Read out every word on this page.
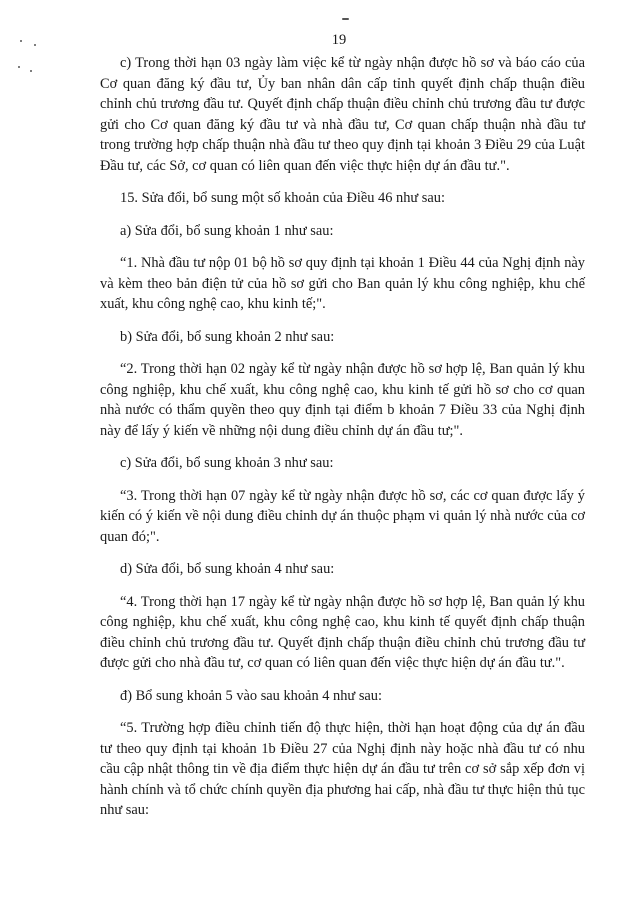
19

c) Trong thời hạn 03 ngày làm việc kể từ ngày nhận được hồ sơ và báo cáo của Cơ quan đăng ký đầu tư, Ủy ban nhân dân cấp tỉnh quyết định chấp thuận điều chỉnh chủ trương đầu tư. Quyết định chấp thuận điều chỉnh chủ trương đầu tư được gửi cho Cơ quan đăng ký đầu tư và nhà đầu tư, Cơ quan chấp thuận nhà đầu tư trong trường hợp chấp thuận nhà đầu tư theo quy định tại khoản 3 Điều 29 của Luật Đầu tư, các Sở, cơ quan có liên quan đến việc thực hiện dự án đầu tư.".

15. Sửa đổi, bổ sung một số khoản của Điều 46 như sau:

a) Sửa đổi, bổ sung khoản 1 như sau:

“1. Nhà đầu tư nộp 01 bộ hồ sơ quy định tại khoản 1 Điều 44 của Nghị định này và kèm theo bản điện tử của hồ sơ gửi cho Ban quản lý khu công nghiệp, khu chế xuất, khu công nghệ cao, khu kinh tế;".

b) Sửa đổi, bổ sung khoản 2 như sau:

“2. Trong thời hạn 02 ngày kể từ ngày nhận được hồ sơ hợp lệ, Ban quản lý khu công nghiệp, khu chế xuất, khu công nghệ cao, khu kinh tế gửi hồ sơ cho cơ quan nhà nước có thẩm quyền theo quy định tại điểm b khoản 7 Điều 33 của Nghị định này để lấy ý kiến về những nội dung điều chỉnh dự án đầu tư;".

c) Sửa đổi, bổ sung khoản 3 như sau:

“3. Trong thời hạn 07 ngày kể từ ngày nhận được hồ sơ, các cơ quan được lấy ý kiến có ý kiến về nội dung điều chỉnh dự án thuộc phạm vi quản lý nhà nước của cơ quan đó;".

d) Sửa đổi, bổ sung khoản 4 như sau:

“4. Trong thời hạn 17 ngày kể từ ngày nhận được hồ sơ hợp lệ, Ban quản lý khu công nghiệp, khu chế xuất, khu công nghệ cao, khu kinh tế quyết định chấp thuận điều chỉnh chủ trương đầu tư. Quyết định chấp thuận điều chỉnh chủ trương đầu tư được gửi cho nhà đầu tư, cơ quan có liên quan đến việc thực hiện dự án đầu tư.".

đ) Bổ sung khoản 5 vào sau khoản 4 như sau:

“5. Trường hợp điều chỉnh tiến độ thực hiện, thời hạn hoạt động của dự án đầu tư theo quy định tại khoản 1b Điều 27 của Nghị định này hoặc nhà đầu tư có nhu cầu cập nhật thông tin về địa điểm thực hiện dự án đầu tư trên cơ sở sắp xếp đơn vị hành chính và tổ chức chính quyền địa phương hai cấp, nhà đầu tư thực hiện thủ tục như sau:
